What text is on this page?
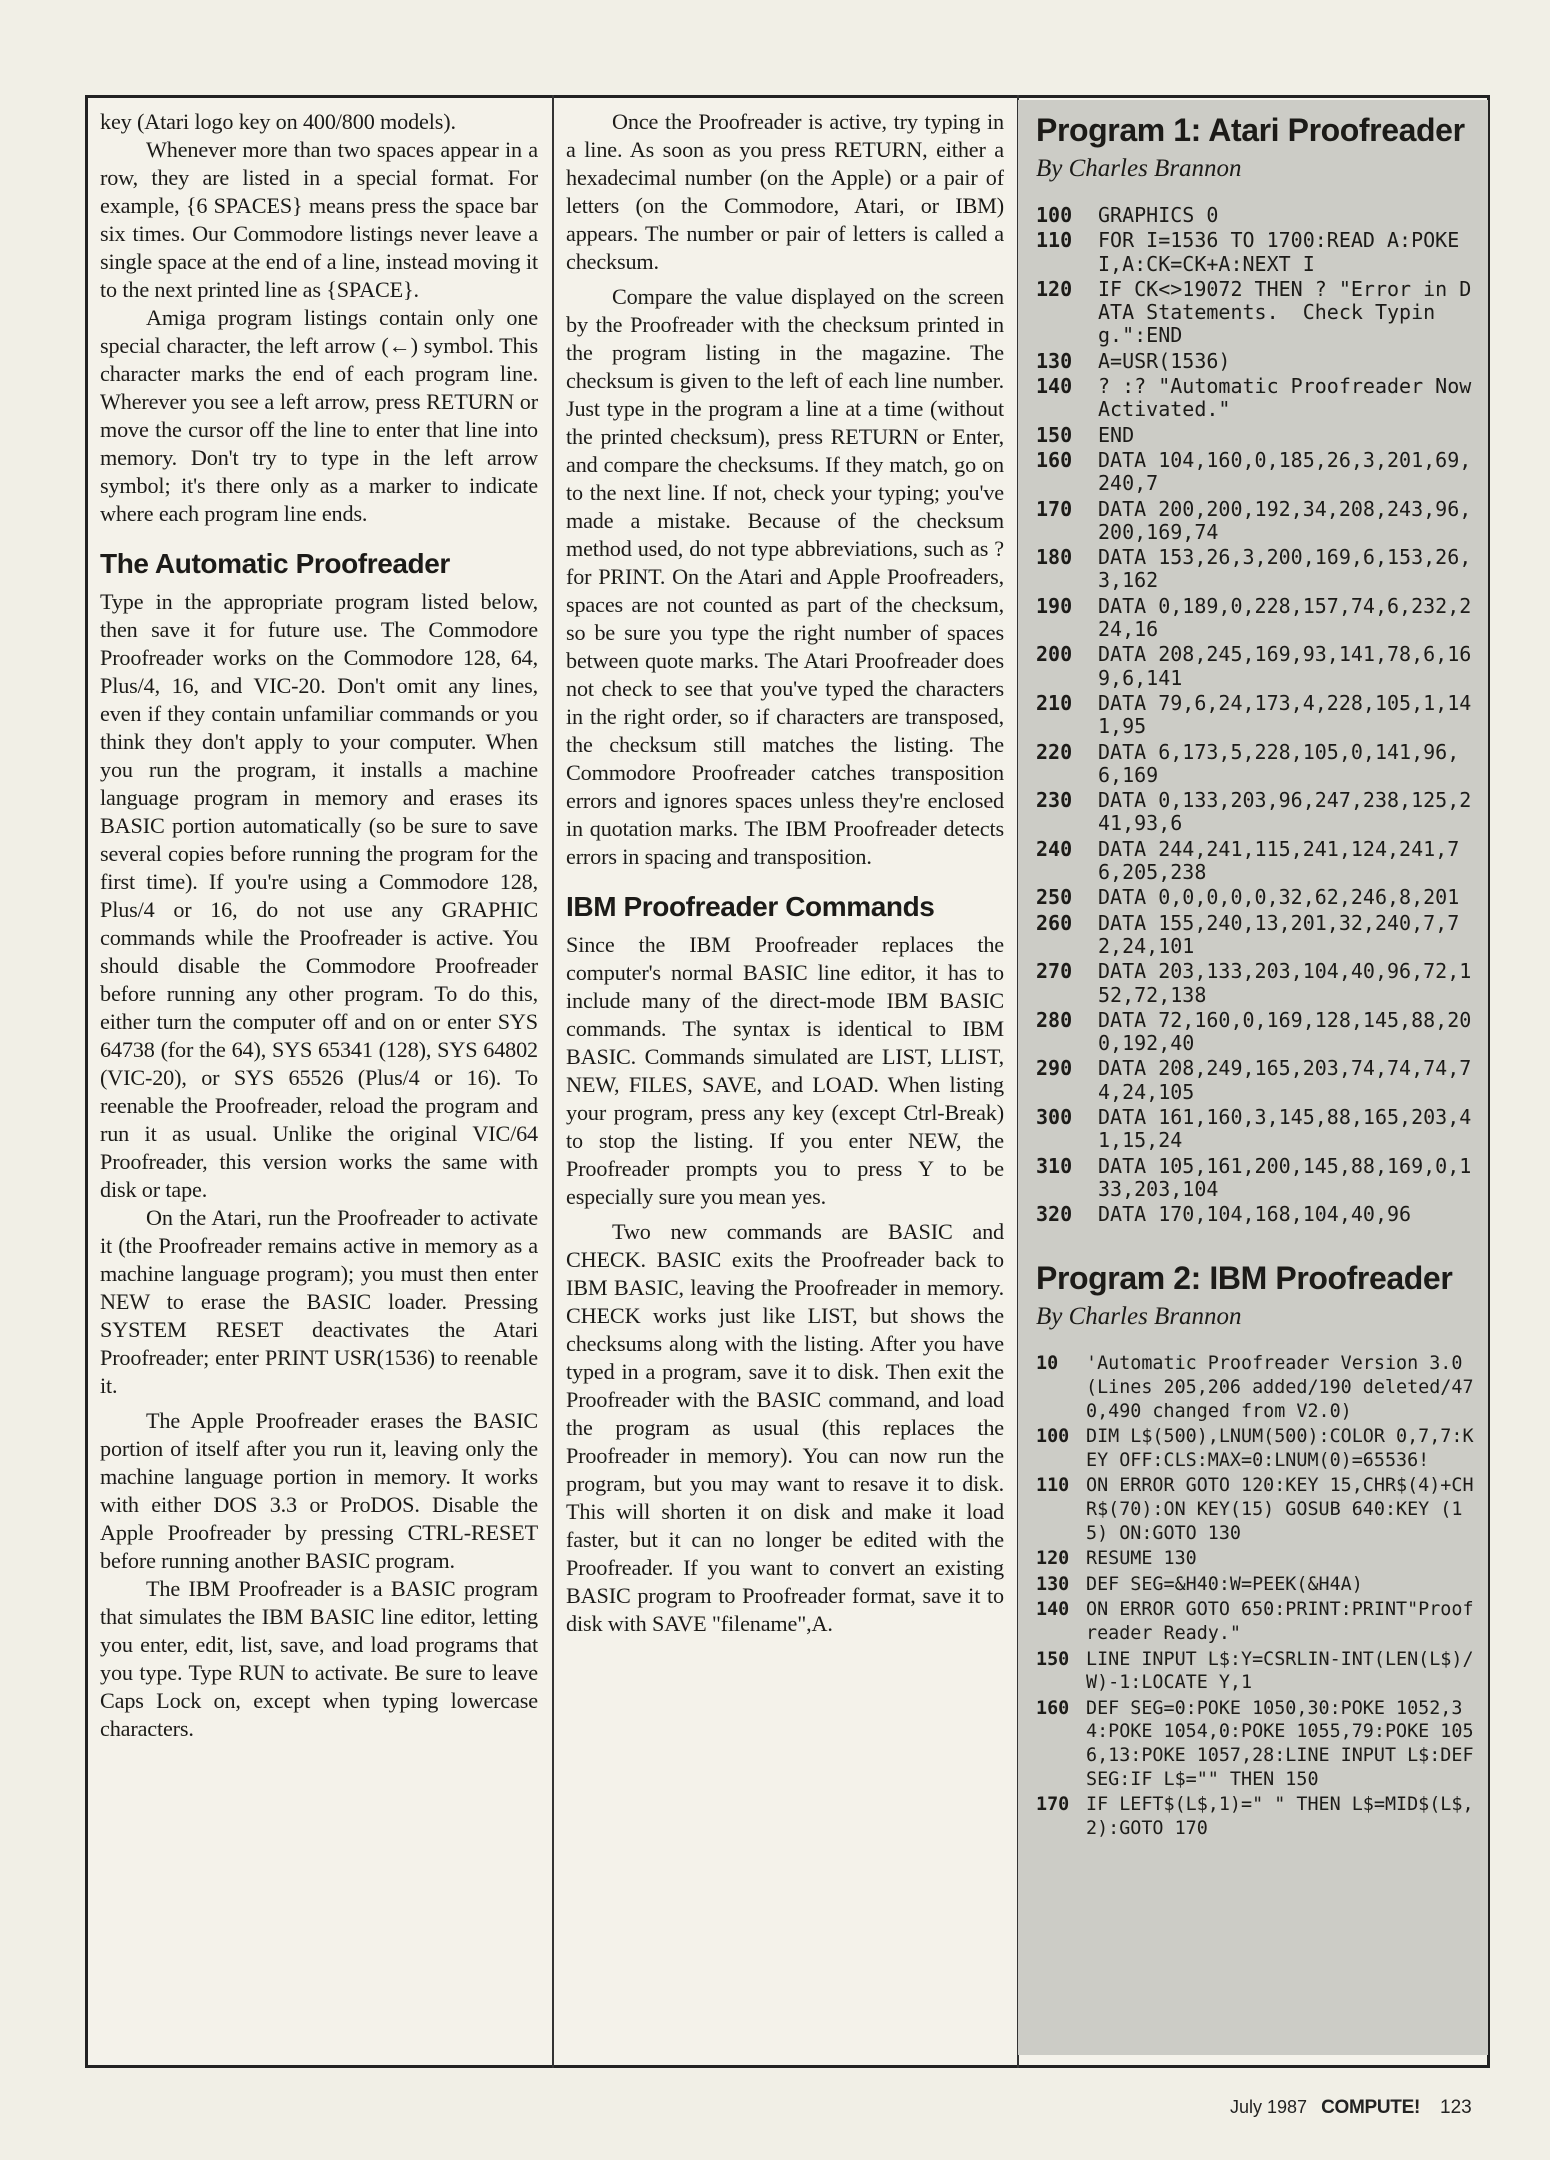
key (Atari logo key on 400/800 models).

Whenever more than two spaces appear in a row, they are listed in a special format. For example, {6 SPACES} means press the space bar six times. Our Commodore listings never leave a single space at the end of a line, instead moving it to the next printed line as {SPACE}.

Amiga program listings contain only one special character, the left arrow (←) symbol. This character marks the end of each program line. Wherever you see a left arrow, press RETURN or move the cursor off the line to enter that line into memory. Don't try to type in the left arrow symbol; it's there only as a marker to indicate where each program line ends.

The Automatic Proofreader

Type in the appropriate program listed below, then save it for future use. The Commodore Proofreader works on the Commodore 128, 64, Plus/4, 16, and VIC-20. Don't omit any lines, even if they contain unfamiliar commands or you think they don't apply to your computer. When you run the program, it installs a machine language program in memory and erases its BASIC portion automatically (so be sure to save several copies before running the program for the first time). If you're using a Commodore 128, Plus/4 or 16, do not use any GRAPHIC commands while the Proofreader is active. You should disable the Commodore Proofreader before running any other program. To do this, either turn the computer off and on or enter SYS 64738 (for the 64), SYS 65341 (128), SYS 64802 (VIC-20), or SYS 65526 (Plus/4 or 16). To reenable the Proofreader, reload the program and run it as usual. Unlike the original VIC/64 Proofreader, this version works the same with disk or tape.

On the Atari, run the Proofreader to activate it (the Proofreader remains active in memory as a machine language program); you must then enter NEW to erase the BASIC loader. Pressing SYSTEM RESET deactivates the Atari Proofreader; enter PRINT USR(1536) to reenable it.

The Apple Proofreader erases the BASIC portion of itself after you run it, leaving only the machine language portion in memory. It works with either DOS 3.3 or ProDOS. Disable the Apple Proofreader by pressing CTRL-RESET before running another BASIC program.

The IBM Proofreader is a BASIC program that simulates the IBM BASIC line editor, letting you enter, edit, list, save, and load programs that you type. Type RUN to activate. Be sure to leave Caps Lock on, except when typing lowercase characters.

Once the Proofreader is active, try typing in a line. As soon as you press RETURN, either a hexadecimal number (on the Apple) or a pair of letters (on the Commodore, Atari, or IBM) appears. The number or pair of letters is called a checksum.

Compare the value displayed on the screen by the Proofreader with the checksum printed in the program listing in the magazine. The checksum is given to the left of each line number. Just type in the program a line at a time (without the printed checksum), press RETURN or Enter, and compare the checksums. If they match, go on to the next line. If not, check your typing; you've made a mistake. Because of the checksum method used, do not type abbreviations, such as ? for PRINT. On the Atari and Apple Proofreaders, spaces are not counted as part of the checksum, so be sure you type the right number of spaces between quote marks. The Atari Proofreader does not check to see that you've typed the characters in the right order, so if characters are transposed, the checksum still matches the listing. The Commodore Proofreader catches transposition errors and ignores spaces unless they're enclosed in quotation marks. The IBM Proofreader detects errors in spacing and transposition.

IBM Proofreader Commands

Since the IBM Proofreader replaces the computer's normal BASIC line editor, it has to include many of the direct-mode IBM BASIC commands. The syntax is identical to IBM BASIC. Commands simulated are LIST, LLIST, NEW, FILES, SAVE, and LOAD. When listing your program, press any key (except Ctrl-Break) to stop the listing. If you enter NEW, the Proofreader prompts you to press Y to be especially sure you mean yes.

Two new commands are BASIC and CHECK. BASIC exits the Proofreader back to IBM BASIC, leaving the Proofreader in memory. CHECK works just like LIST, but shows the checksums along with the listing. After you have typed in a program, save it to disk. Then exit the Proofreader with the BASIC command, and load the program as usual (this replaces the Proofreader in memory). You can now run the program, but you may want to resave it to disk. This will shorten it on disk and make it load faster, but it can no longer be edited with the Proofreader. If you want to convert an existing BASIC program to Proofreader format, save it to disk with SAVE "filename",A.

Program 1: Atari Proofreader
By Charles Brannon
100	GRAPHICS 0
110	FOR I=1536 TO 1700:READ A:POKE I,A:CK=CK+A:NEXT I
120	IF CK<>19072 THEN ? "Error in DATA Statements.  Check Typing.":END
130	A=USR(1536)
140	? :? "Automatic Proofreader Now Activated."
150	END
160	DATA 104,160,0,185,26,3,201,69,240,7
170	DATA 200,200,192,34,208,243,96,200,169,74
180	DATA 153,26,3,200,169,6,153,26,3,162
190	DATA 0,189,0,228,157,74,6,232,224,16
200	DATA 208,245,169,93,141,78,6,169,6,141
210	DATA 79,6,24,173,4,228,105,1,141,95
220	DATA 6,173,5,228,105,0,141,96,6,169
230	DATA 0,133,203,96,247,238,125,241,93,6
240	DATA 244,241,115,241,124,241,76,205,238
250	DATA 0,0,0,0,0,32,62,246,8,201
260	DATA 155,240,13,201,32,240,7,72,24,101
270	DATA 203,133,203,104,40,96,72,152,72,138
280	DATA 72,160,0,169,128,145,88,200,192,40
290	DATA 208,249,165,203,74,74,74,74,24,105
300	DATA 161,160,3,145,88,165,203,41,15,24
310	DATA 105,161,200,145,88,169,0,133,203,104
320	DATA 170,104,168,104,40,96
Program 2: IBM Proofreader
By Charles Brannon
10	'Automatic Proofreader Version 3.0 (Lines 205,206 added/190 deleted/470,490 changed from V2.0)
100 DIM L$(500),LNUM(500):COLOR 0,7,7:KEY OFF:CLS:MAX=0:LNUM(0)=65536!
110 ON ERROR GOTO 120:KEY 15,CHR$(4)+CHR$(70):ON KEY(15) GOSUB 640:KEY (15) ON:GOTO 130
120 RESUME 130
130 DEF SEG=&H40:W=PEEK(&H4A)
140 ON ERROR GOTO 650:PRINT:PRINT"Proofreader Ready."
150 LINE INPUT L$:Y=CSRLIN-INT(LEN(L$)/W)-1:LOCATE Y,1
160 DEF SEG=0:POKE 1050,30:POKE 1052,34:POKE 1054,0:POKE 1055,79:POKE 1056,13:POKE 1057,28:LINE INPUT L$:DEF SEG:IF L$="" THEN 150
170 IF LEFT$(L$,1)=" " THEN L$=MID$(L$,2):GOTO 170
July 1987 COMPUTE! 123
